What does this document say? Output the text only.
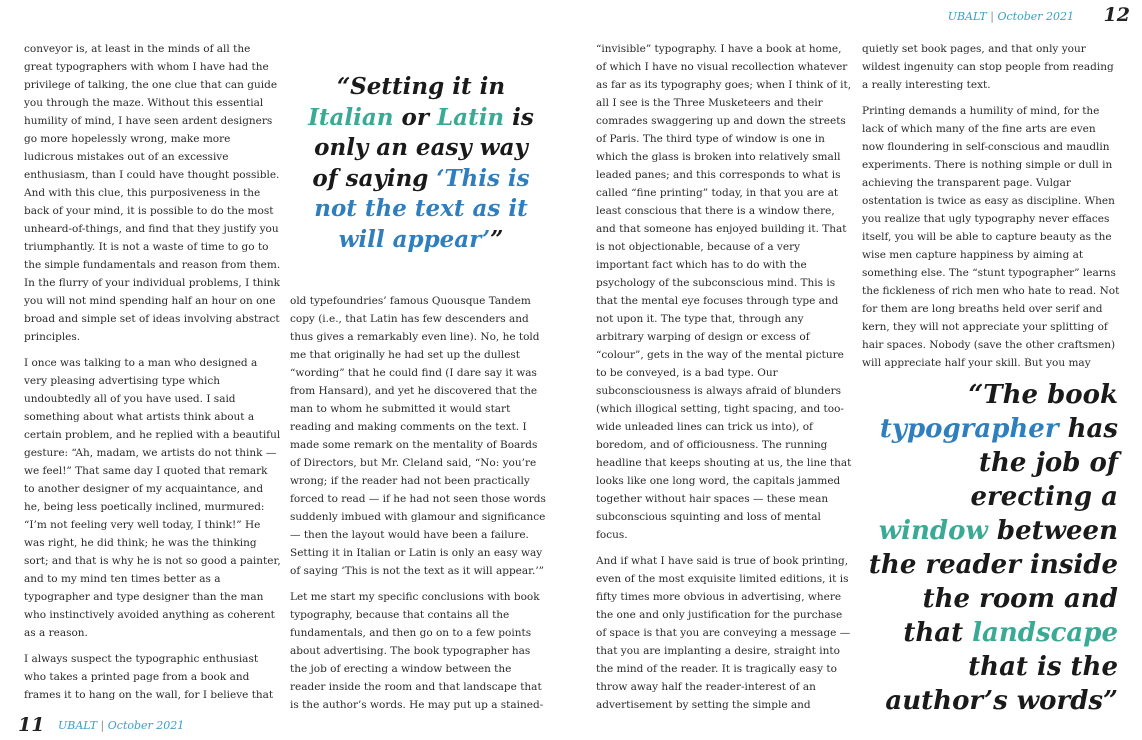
UBALT | October 2021 12

conveyor is, at least in the minds of all the great typographers with whom I have had the privilege of talking, the one clue that can guide you through the maze. Without this essential humility of mind, I have seen ardent designers go more hopelessly wrong, make more ludicrous mistakes out of an excessive enthusiasm, than I could have thought possible. And with this clue, this purposiveness in the back of your mind, it is possible to do the most unheard-of-things, and find that they justify you triumphantly. It is not a waste of time to go to the simple fundamentals and reason from them. In the flurry of your individual problems, I think you will not mind spending half an hour on one broad and simple set of ideas involving abstract principles.

I once was talking to a man who designed a very pleasing advertising type which undoubtedly all of you have used. I said something about what artists think about a certain problem, and he replied with a beautiful gesture: “Ah, madam, we artists do not think — we feel!” That same day I quoted that remark to another designer of my acquaintance, and he, being less poetically inclined, murmured: “I’m not feeling very well today, I think!” He was right, he did think; he was the thinking sort; and that is why he is not so good a painter, and to my mind ten times better as a typographer and type designer than the man who instinctively avoided anything as coherent as a reason.

I always suspect the typographic enthusiast who takes a printed page from a book and frames it to hang on the wall, for I believe that

“Setting it in Italian or Latin is only an easy way of saying ‘This is not the text as it will appear’”

old typefoundries’ famous Quousque Tandem copy (i.e., that Latin has few descenders and thus gives a remarkably even line). No, he told me that originally he had set up the dullest “wording” that he could find (I dare say it was from Hansard), and yet he discovered that the man to whom he submitted it would start reading and making comments on the text. I made some remark on the mentality of Boards of Directors, but Mr. Cleland said, “No: you’re wrong; if the reader had not been practically forced to read — if he had not seen those words suddenly imbued with glamour and significance — then the layout would have been a failure. Setting it in Italian or Latin is only an easy way of saying ‘This is not the text as it will appear.’”

Let me start my specific conclusions with book typography, because that contains all the fundamentals, and then go on to a few points about advertising. The book typographer has the job of erecting a window between the reader inside the room and that landscape that is the author’s words. He may put up a stained-

“invisible” typography. I have a book at home, of which I have no visual recollection whatever as far as its typography goes; when I think of it, all I see is the Three Musketeers and their comrades swaggering up and down the streets of Paris. The third type of window is one in which the glass is broken into relatively small leaded panes; and this corresponds to what is called “fine printing” today, in that you are at least conscious that there is a window there, and that someone has enjoyed building it. That is not objectionable, because of a very important fact which has to do with the psychology of the subconscious mind. This is that the mental eye focuses through type and not upon it. The type that, through any arbitrary warping of design or excess of “colour”, gets in the way of the mental picture to be conveyed, is a bad type. Our subconsciousness is always afraid of blunders (which illogical setting, tight spacing, and too-wide unleaded lines can trick us into), of boredom, and of officiousness. The running headline that keeps shouting at us, the line that looks like one long word, the capitals jammed together without hair spaces — these mean subconscious squinting and loss of mental focus.

And if what I have said is true of book printing, even of the most exquisite limited editions, it is fifty times more obvious in advertising, where the one and only justification for the purchase of space is that you are conveying a message — that you are implanting a desire, straight into the mind of the reader. It is tragically easy to throw away half the reader-interest of an advertisement by setting the simple and

quietly set book pages, and that only your wildest ingenuity can stop people from reading a really interesting text.

Printing demands a humility of mind, for the lack of which many of the fine arts are even now floundering in self-conscious and maudlin experiments. There is nothing simple or dull in achieving the transparent page. Vulgar ostentation is twice as easy as discipline. When you realize that ugly typography never effaces itself, you will be able to capture beauty as the wise men capture happiness by aiming at something else. The “stunt typographer” learns the fickleness of rich men who hate to read. Not for them are long breaths held over serif and kern, they will not appreciate your splitting of hair spaces. Nobody (save the other craftsmen) will appreciate half your skill. But you may

“The book typographer has the job of erecting a window between the reader inside the room and that landscape that is the author’s words”
11 UBALT | October 2021
